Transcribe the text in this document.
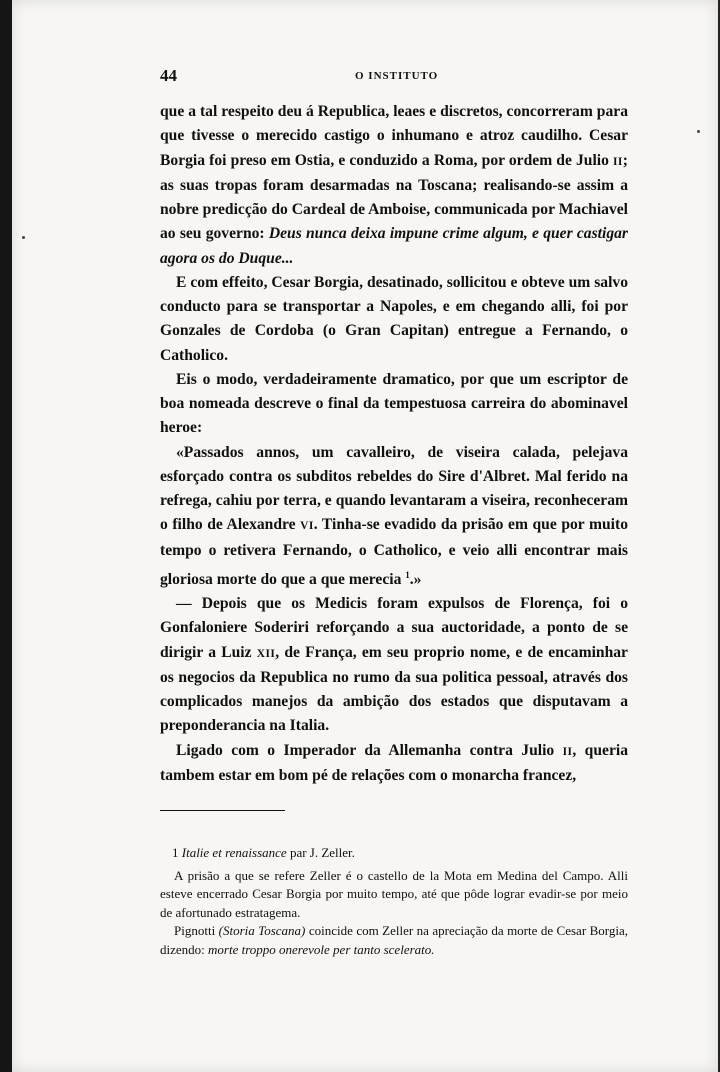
44	O INSTITUTO

que a tal respeito deu á Republica, leaes e discretos, concorreram para que tivesse o merecido castigo o inhumano e atroz caudilho. Cesar Borgia foi preso em Ostia, e conduzido a Roma, por ordem de Julio II; as suas tropas foram desarmadas na Toscana; realisando-se assim a nobre predicção do Cardeal de Amboise, communicada por Machiavel ao seu governo: Deus nunca deixa impune crime algum, e quer castigar agora os do Duque...

E com effeito, Cesar Borgia, desatinado, sollicitou e obteve um salvo conducto para se transportar a Napoles, e em chegando alli, foi por Gonzales de Cordoba (o Gran Capitan) entregue a Fernando, o Catholico.

Eis o modo, verdadeiramente dramatico, por que um escriptor de boa nomeada descreve o final da tempestuosa carreira do abominavel heroe:

«Passados annos, um cavalleiro, de viseira calada, pelejava esforçado contra os subditos rebeldes do Sire d'Albret. Mal ferido na refrega, cahiu por terra, e quando levantaram a viseira, reconheceram o filho de Alexandre VI. Tinha-se evadido da prisão em que por muito tempo o retivera Fernando, o Catholico, e veio alli encontrar mais gloriosa morte do que a que merecia $^1$.»

— Depois que os Medicis foram expulsos de Florença, foi o Gonfaloniere Soderiri reforçando a sua auctoridade, a ponto de se dirigir a Luiz XII, de França, em seu proprio nome, e de encaminhar os negocios da Republica no rumo da sua politica pessoal, através dos complicados manejos da ambição dos estados que disputavam a preponderancia na Italia.

Ligado com o Imperador da Allemanha contra Julio II, queria tambem estar em bom pé de relações com o monarcha francez,

1 Italie et renaissance par J. Zeller.

A prisão a que se refere Zeller é o castello de la Mota em Medina del Campo. Alli esteve encerrado Cesar Borgia por muito tempo, até que pôde lograr evadir-se por meio de afortunado estratagema.

Pignotti (Storia Toscana) coincide com Zeller na apreciação da morte de Cesar Borgia, dizendo: morte troppo onerevole per tanto scelerato.
